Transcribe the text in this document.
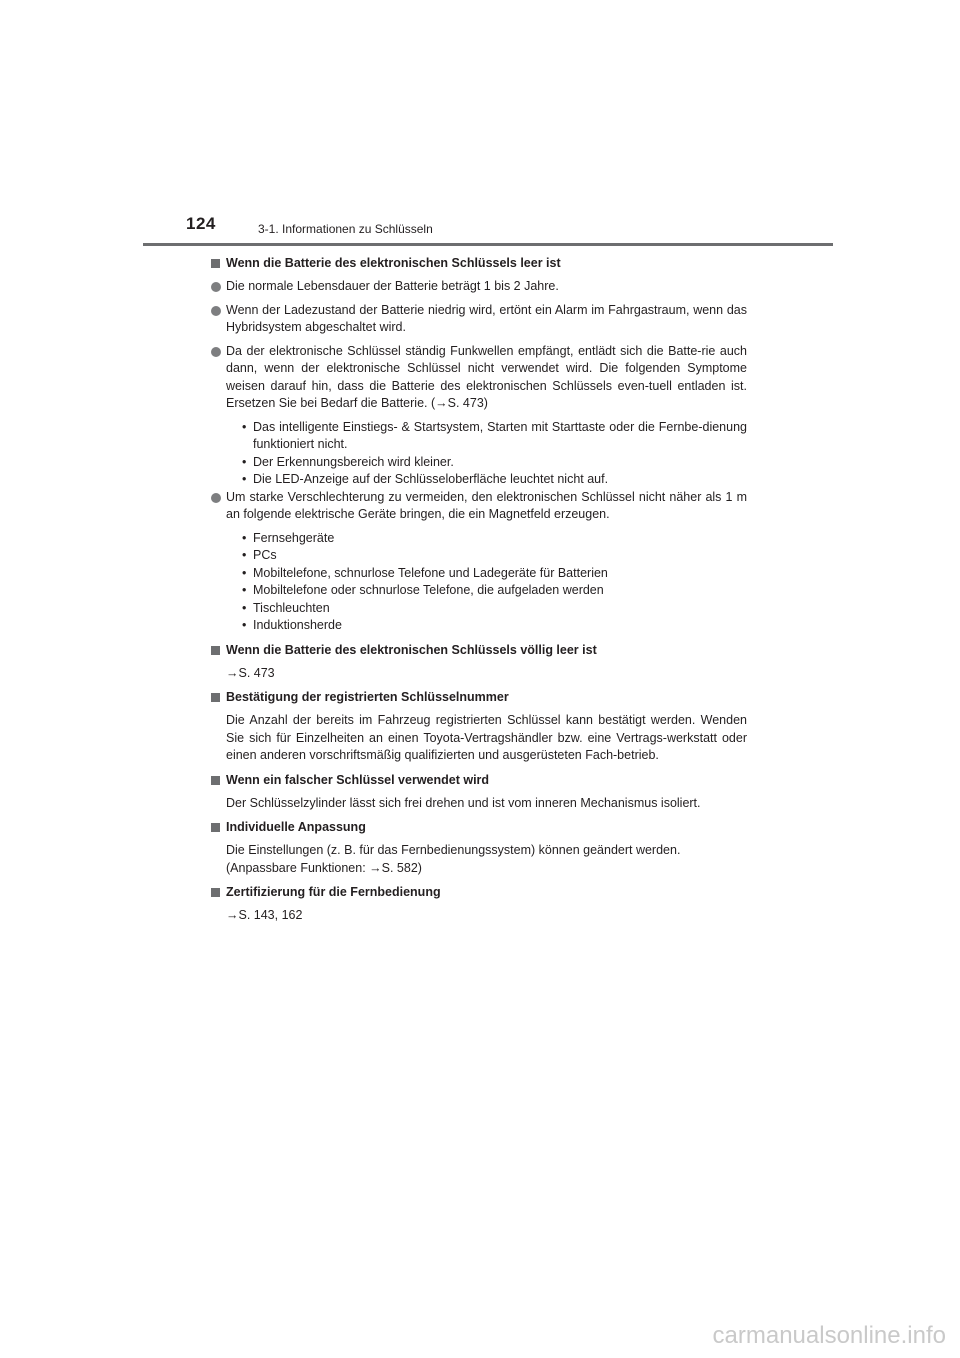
124	3-1. Informationen zu Schlüsseln
Wenn die Batterie des elektronischen Schlüssels leer ist
Die normale Lebensdauer der Batterie beträgt 1 bis 2 Jahre.
Wenn der Ladezustand der Batterie niedrig wird, ertönt ein Alarm im Fahrgastraum, wenn das Hybridsystem abgeschaltet wird.
Da der elektronische Schlüssel ständig Funkwellen empfängt, entlädt sich die Batte-rie auch dann, wenn der elektronische Schlüssel nicht verwendet wird. Die folgenden Symptome weisen darauf hin, dass die Batterie des elektronischen Schlüssels even-tuell entladen ist. Ersetzen Sie bei Bedarf die Batterie. (→S. 473)
• Das intelligente Einstiegs- & Startsystem, Starten mit Starttaste oder die Fernbe-dienung funktioniert nicht.
• Der Erkennungsbereich wird kleiner.
• Die LED-Anzeige auf der Schlüsseloberfläche leuchtet nicht auf.
Um starke Verschlechterung zu vermeiden, den elektronischen Schlüssel nicht näher als 1 m an folgende elektrische Geräte bringen, die ein Magnetfeld erzeugen.
• Fernsehgeräte
• PCs
• Mobiltelefone, schnurlose Telefone und Ladegeräte für Batterien
• Mobiltelefone oder schnurlose Telefone, die aufgeladen werden
• Tischleuchten
• Induktionsherde
Wenn die Batterie des elektronischen Schlüssels völlig leer ist
→S. 473
Bestätigung der registrierten Schlüsselnummer
Die Anzahl der bereits im Fahrzeug registrierten Schlüssel kann bestätigt werden. Wenden Sie sich für Einzelheiten an einen Toyota-Vertragshändler bzw. eine Vertrags-werkstatt oder einen anderen vorschriftsmäßig qualifizierten und ausgerüsteten Fach-betrieb.
Wenn ein falscher Schlüssel verwendet wird
Der Schlüsselzylinder lässt sich frei drehen und ist vom inneren Mechanismus isoliert.
Individuelle Anpassung
Die Einstellungen (z. B. für das Fernbedienungssystem) können geändert werden.
(Anpassbare Funktionen: →S. 582)
Zertifizierung für die Fernbedienung
→S. 143, 162
carmanualsonline.info
